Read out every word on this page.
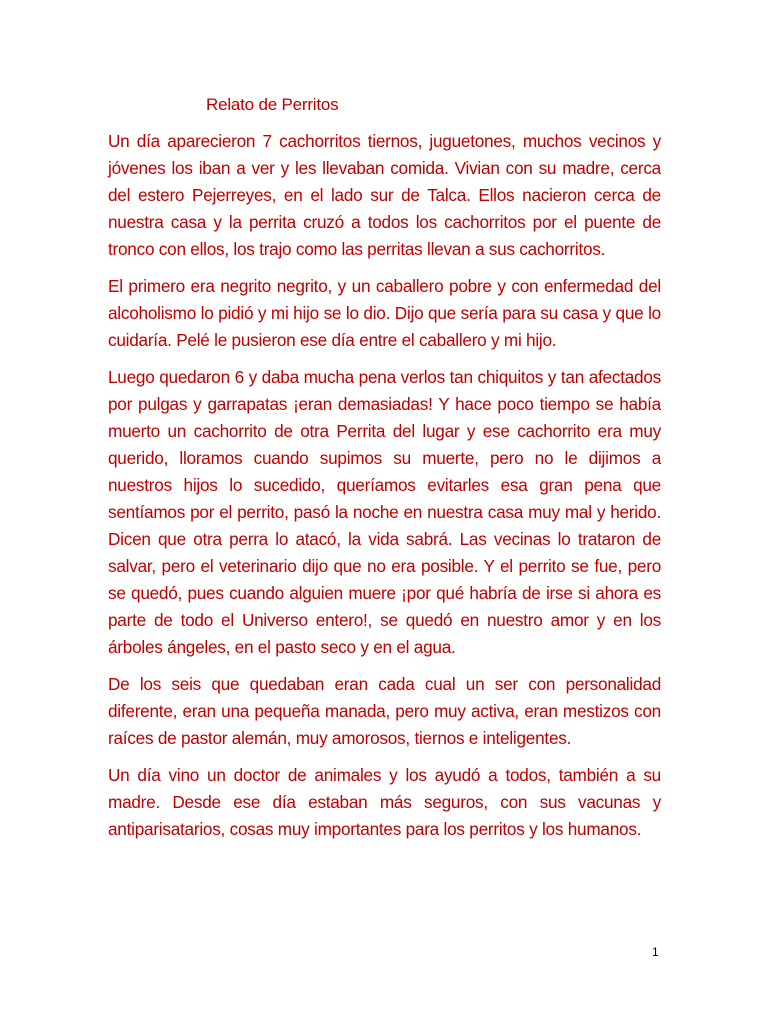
Relato de Perritos

Un día aparecieron 7 cachorritos tiernos, juguetones, muchos vecinos y jóvenes los iban a ver y les llevaban comida. Vivian con su madre, cerca del estero Pejerreyes, en el lado sur de Talca. Ellos nacieron cerca de nuestra casa y la perrita cruzó a todos los cachorritos por el puente de tronco con ellos, los trajo como las perritas llevan a sus cachorritos.

El primero era negrito negrito, y un caballero pobre y con enfermedad del alcoholismo lo pidió y mi hijo se lo dio. Dijo que sería para su casa y que lo cuidaría. Pelé le pusieron ese día entre el caballero y mi hijo.

Luego quedaron 6 y daba mucha pena verlos tan chiquitos y tan afectados por pulgas y garrapatas ¡eran demasiadas! Y hace poco tiempo se había muerto un cachorrito de otra Perrita del lugar y ese cachorrito era muy querido, lloramos cuando supimos su muerte, pero no le dijimos a nuestros hijos lo sucedido, queríamos evitarles esa gran pena que sentíamos por el perrito, pasó la noche en nuestra casa muy mal y herido. Dicen que otra perra lo atacó, la vida sabrá. Las vecinas lo trataron de salvar, pero el veterinario dijo que no era posible. Y el perrito se fue, pero se quedó, pues cuando alguien muere ¡por qué habría de irse si ahora es parte de todo el Universo entero!, se quedó en nuestro amor y en los árboles ángeles, en el pasto seco y en el agua.

De los seis que quedaban eran cada cual un ser con personalidad diferente, eran una pequeña manada, pero muy activa, eran mestizos con raíces de pastor alemán, muy amorosos, tiernos e inteligentes.

Un día vino un doctor de animales y los ayudó a todos, también a su madre. Desde ese día estaban más seguros, con sus vacunas y antiparisatarios, cosas muy importantes para los perritos y los humanos.

1
